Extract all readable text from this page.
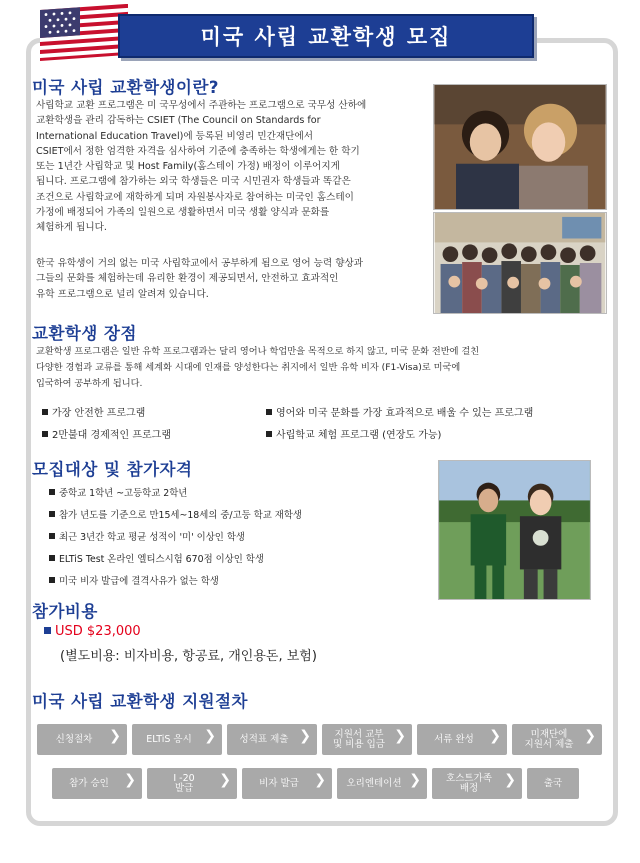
미국 사립 교환학생 모집
미국 사립 교환학생이란?
사립학교 교환 프로그램은 미 국무성에서 주관하는 프로그램으로 국무성 산하에
교환학생을 관리 감독하는 CSIET (The Council on Standards for
International Education Travel)에 등록된 비영리 민간재단에서
CSIET에서 정한 엄격한 자격을 심사하여 기준에 충족하는 학생에게는 한 학기
또는 1년간 사립학교 및 Host Family(홈스테이 가정) 배정이 이루어지게
됩니다. 프로그램에 참가하는 외국 학생들은 미국 시민권자 학생들과 똑같은
조건으로 사립학교에 재학하게 되며 자원봉사자로 참여하는 미국인 홈스테이
가정에 배정되어 가족의 일원으로 생활하면서 미국 생활 양식과 문화를
체험하게 됩니다.
한국 유학생이 거의 없는 미국 사립학교에서 공부하게 됨으로 영어 능력 향상과
그들의 문화를 체험하는데 유리한 환경이 제공되면서, 안전하고 효과적인
유학 프로그램으로 널리 알려져 있습니다.
교환학생 장점
교환학생 프로그램은 일반 유학 프로그램과는 달리 영어나 학업만을 목적으로 하지 않고, 미국 문화 전반에 걸친
다양한 경험과 교류를 통해 세계화 시대에 인재를 양성한다는 취지에서 일반 유학 비자 (F1-Visa)로 미국에
입국하여 공부하게 됩니다.
가장 안전한 프로그램	영어와 미국 문화를 가장 효과적으로 배울 수 있는 프로그램
2만불대 경제적인 프로그램	사립학교 체험 프로그램 (연장도 가능)
모집대상 및 참가자격
중학교 1학년 ~고등학교 2학년
참가 년도를 기준으로 만15세~18세의 중/고등 학교 재학생
최근 3년간 학교 평균 성적이 '미' 이상인 학생
ELTiS Test 온라인 엘티스시험 670점 이상인 학생
미국 비자 발급에 결격사유가 없는 학생
참가비용
USD $23,000
(별도비용: 비자비용, 항공료, 개인용돈, 보험)
미국 사립 교환학생 지원절차
신청절차 ❯	ELTiS 응시 ❯ 성적표 제출 ❯ 지원서 교부
및 비용 입금 ❯	서류 완성 ❯	미재단에
지원서 제출 ❯
참가 승인 ❯	I -20
발급 ❯	비자 발급 ❯ 오리엔테이션 ❯	호스트가족
배정	❯	출국
